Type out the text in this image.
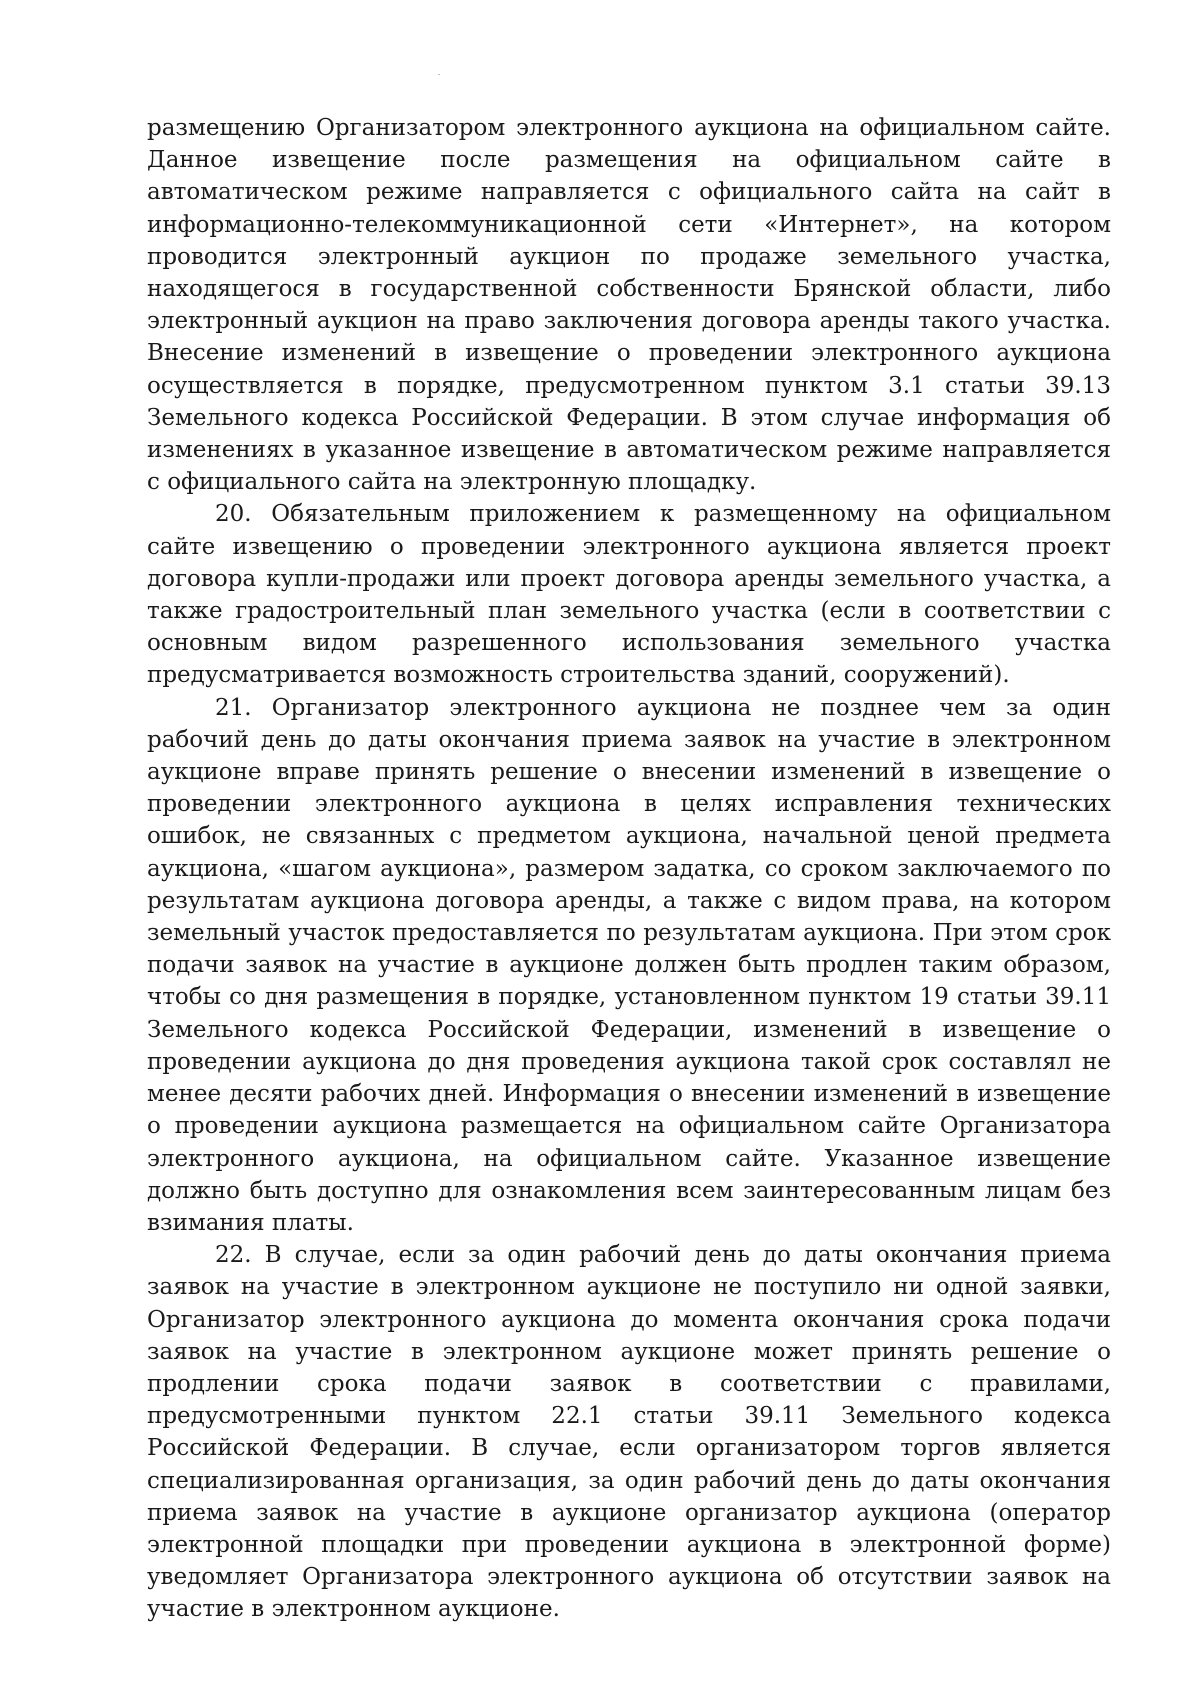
размещению Организатором электронного аукциона на официальном сайте. Данное извещение после размещения на официальном сайте в автоматическом режиме направляется с официального сайта на сайт в информационно-телекоммуникационной сети «Интернет», на котором проводится электронный аукцион по продаже земельного участка, находящегося в государственной собственности Брянской области, либо электронный аукцион на право заключения договора аренды такого участка. Внесение изменений в извещение о проведении электронного аукциона осуществляется в порядке, предусмотренном пунктом 3.1 статьи 39.13 Земельного кодекса Российской Федерации. В этом случае информация об изменениях в указанное извещение в автоматическом режиме направляется с официального сайта на электронную площадку.

20. Обязательным приложением к размещенному на официальном сайте извещению о проведении электронного аукциона является проект договора купли-продажи или проект договора аренды земельного участка, а также градостроительный план земельного участка (если в соответствии с основным видом разрешенного использования земельного участка предусматривается возможность строительства зданий, сооружений).

21. Организатор электронного аукциона не позднее чем за один рабочий день до даты окончания приема заявок на участие в электронном аукционе вправе принять решение о внесении изменений в извещение о проведении электронного аукциона в целях исправления технических ошибок, не связанных с предметом аукциона, начальной ценой предмета аукциона, «шагом аукциона», размером задатка, со сроком заключаемого по результатам аукциона договора аренды, а также с видом права, на котором земельный участок предоставляется по результатам аукциона. При этом срок подачи заявок на участие в аукционе должен быть продлен таким образом, чтобы со дня размещения в порядке, установленном пунктом 19 статьи 39.11 Земельного кодекса Российской Федерации, изменений в извещение о проведении аукциона до дня проведения аукциона такой срок составлял не менее десяти рабочих дней. Информация о внесении изменений в извещение о проведении аукциона размещается на официальном сайте Организатора электронного аукциона, на официальном сайте. Указанное извещение должно быть доступно для ознакомления всем заинтересованным лицам без взимания платы.

22. В случае, если за один рабочий день до даты окончания приема заявок на участие в электронном аукционе не поступило ни одной заявки, Организатор электронного аукциона до момента окончания срока подачи заявок на участие в электронном аукционе может принять решение о продлении срока подачи заявок в соответствии с правилами, предусмотренными пунктом 22.1 статьи 39.11 Земельного кодекса Российской Федерации. В случае, если организатором торгов является специализированная организация, за один рабочий день до даты окончания приема заявок на участие в аукционе организатор аукциона (оператор электронной площадки при проведении аукциона в электронной форме) уведомляет Организатора электронного аукциона об отсутствии заявок на участие в электронном аукционе.
